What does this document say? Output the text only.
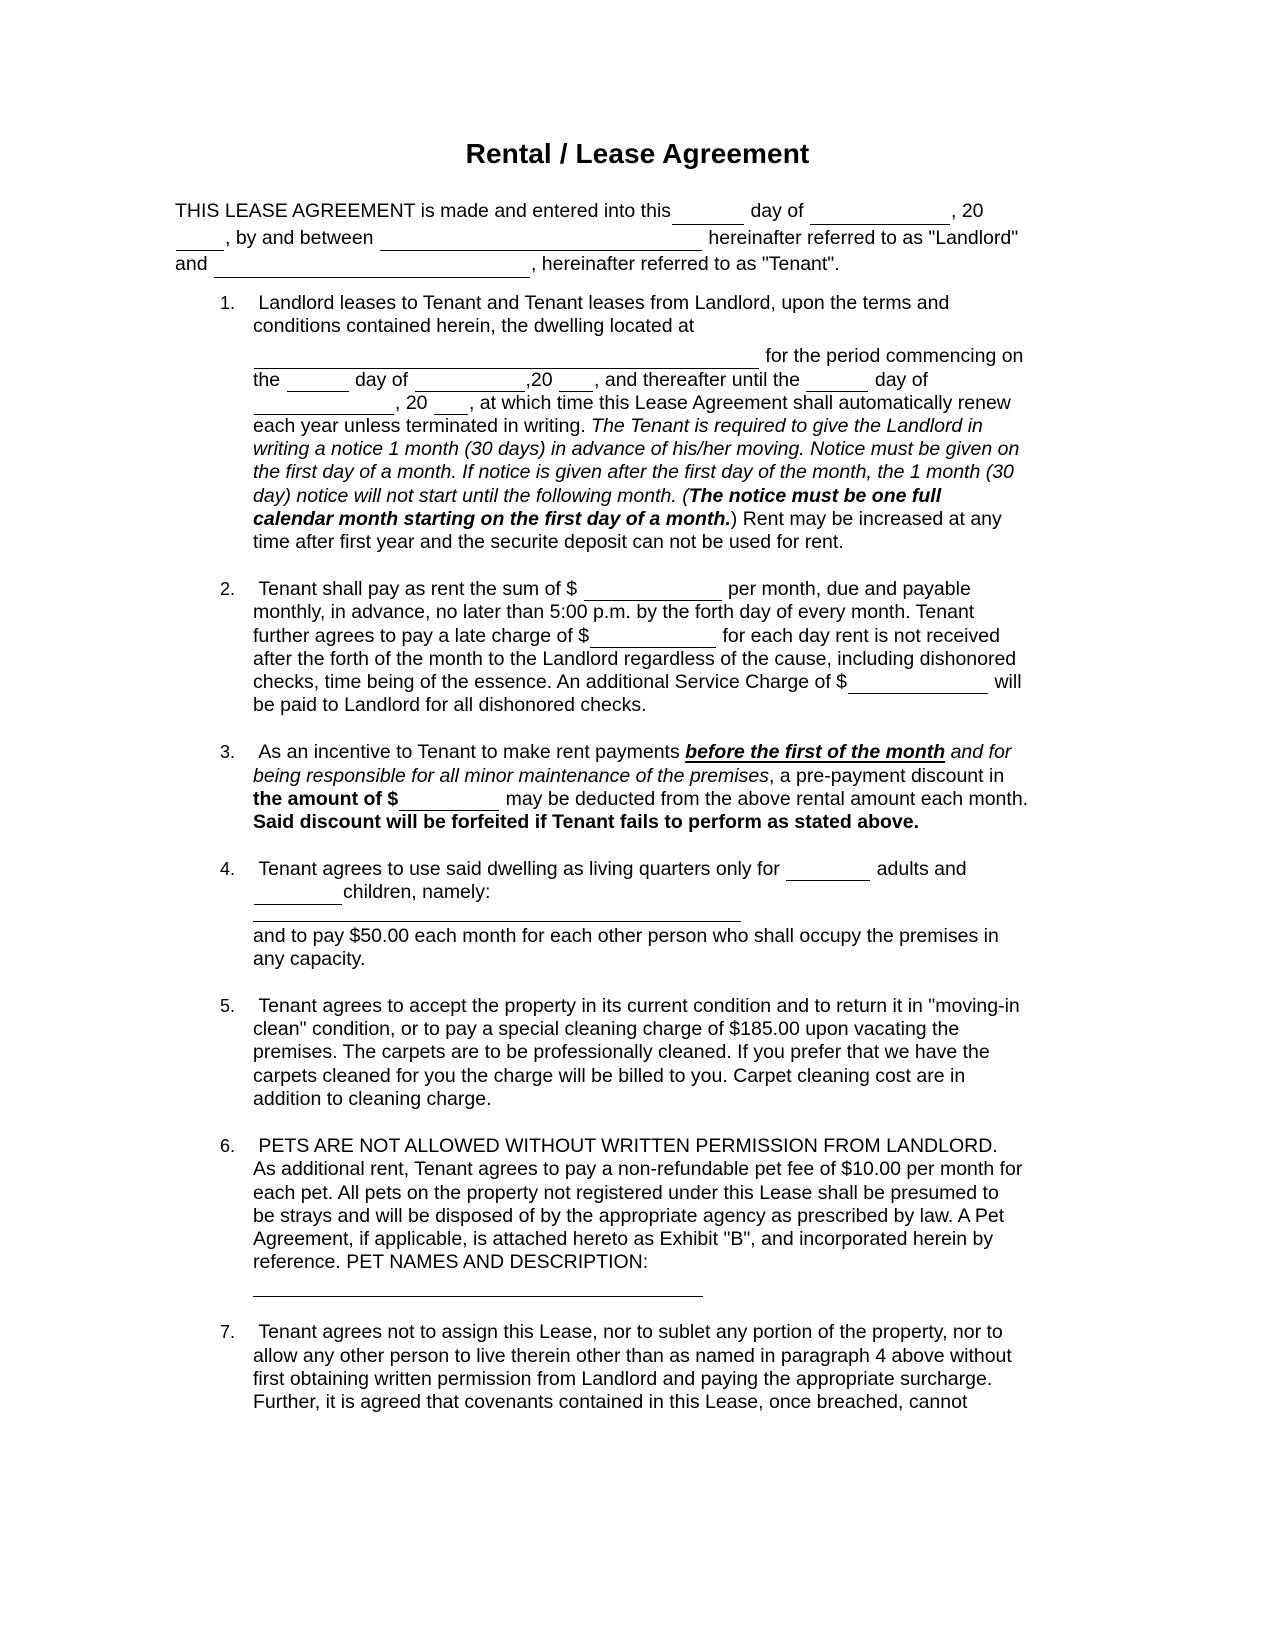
Rental / Lease Agreement
THIS LEASE AGREEMENT is made and entered into this	day of	, 20
, by and between	hereinafter referred to as "Landlord"
and	, hereinafter referred to as "Tenant".
1. Landlord leases to Tenant and Tenant leases from Landlord, upon the terms and
conditions contained herein, the dwelling located at
for the period commencing on
the	day of	,20 , and thereafter until the	day of
, 20 , at which time this Lease Agreement shall automatically renew
each year unless terminated in writing. The Tenant is required to give the Landlord in
writing a notice 1 month (30 days) in advance of his/her moving. Notice must be given on
the first day of a month. If notice is given after the first day of the month, the 1 month (30
day) notice will not start until the following month. (The notice must be one full
calendar month starting on the first day of a month.) Rent may be increased at any
time after first year and the securite deposit can not be used for rent.
2. Tenant shall pay as rent the sum of $	per month, due and payable
monthly, in advance, no later than 5:00 p.m. by the forth day of every month. Tenant
further agrees to pay a late charge of $	for each day rent is not received
after the forth of the month to the Landlord regardless of the cause, including dishonored
checks, time being of the essence. An additional Service Charge of $	will
be paid to Landlord for all dishonored checks.
3. As an incentive to Tenant to make rent payments before the first of the month and for
being responsible for all minor maintenance of the premises, a pre-payment discount in
the amount of $	may be deducted from the above rental amount each month.
Said discount will be forfeited if Tenant fails to perform as stated above.
4. Tenant agrees to use said dwelling as living quarters only for	adults and
children, namely:
and to pay $50.00 each month for each other person who shall occupy the premises in
any capacity.
5. Tenant agrees to accept the property in its current condition and to return it in "moving-in
clean" condition, or to pay a special cleaning charge of $185.00 upon vacating the
premises. The carpets are to be professionally cleaned. If you prefer that we have the
carpets cleaned for you the charge will be billed to you. Carpet cleaning cost are in
addition to cleaning charge.
6. PETS ARE NOT ALLOWED WITHOUT WRITTEN PERMISSION FROM LANDLORD.
As additional rent, Tenant agrees to pay a non-refundable pet fee of $10.00 per month for
each pet. All pets on the property not registered under this Lease shall be presumed to
be strays and will be disposed of by the appropriate agency as prescribed by law. A Pet
Agreement, if applicable, is attached hereto as Exhibit "B", and incorporated herein by
reference. PET NAMES AND DESCRIPTION:
7. Tenant agrees not to assign this Lease, nor to sublet any portion of the property, nor to
allow any other person to live therein other than as named in paragraph 4 above without
first obtaining written permission from Landlord and paying the appropriate surcharge.
Further, it is agreed that covenants contained in this Lease, once breached, cannot
